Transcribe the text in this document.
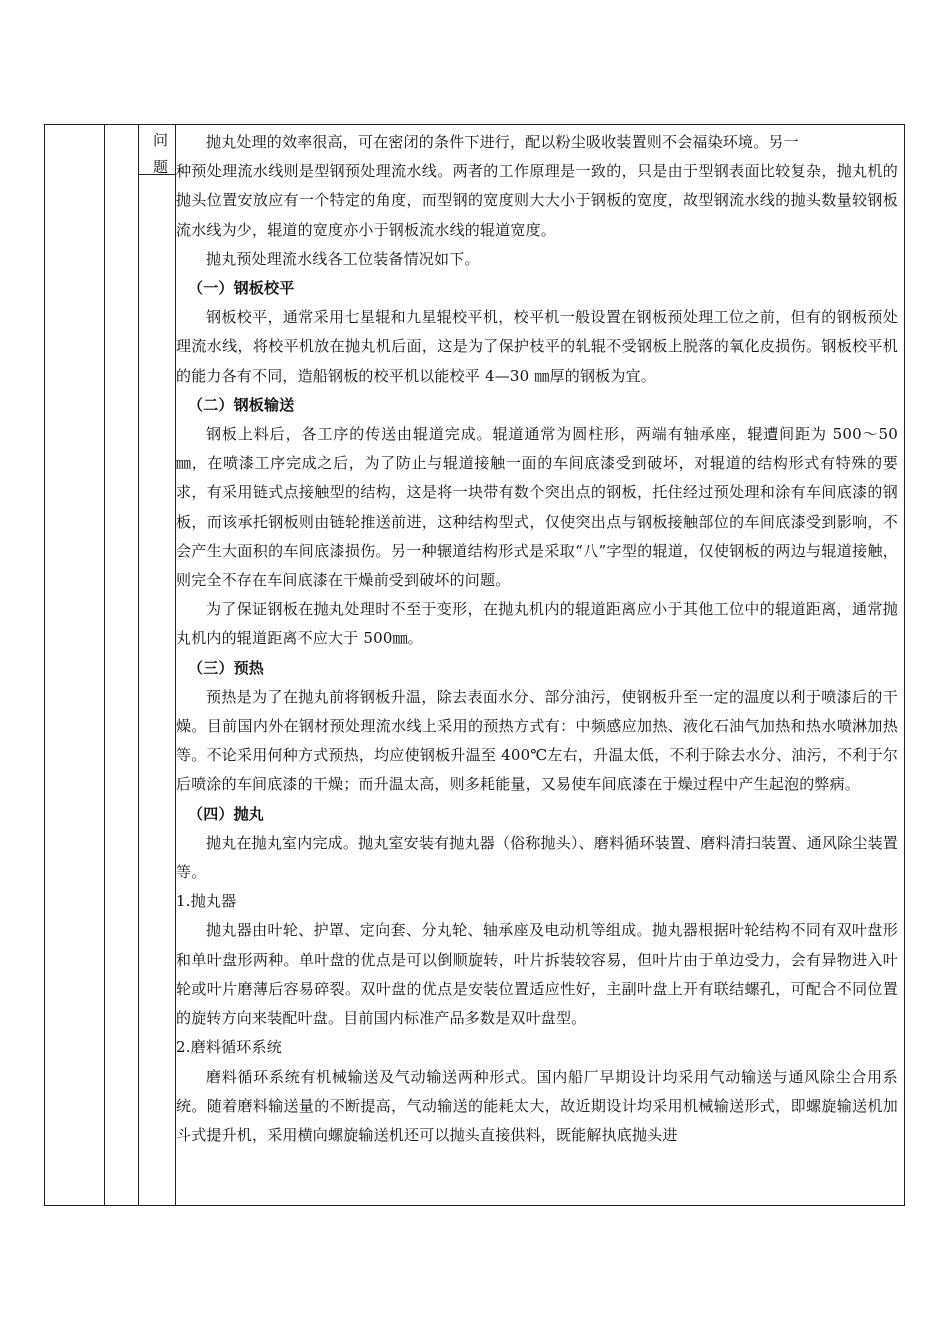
问题

抛丸处理的效率很高，可在密闭的条件下进行，配以粉尘吸收装置则不会福染环境。另一

种预处理流水线则是型钢预处理流水线。两者的工作原理是一致的，只是由于型钢表面比较复杂，抛丸机的抛头位置安放应有一个特定的角度，而型钢的宽度则大大小于钢板的宽度，故型钢流水线的抛头数量较钢板流水线为少，辊道的宽度亦小于钢板流水线的辊道宽度。

抛丸预处理流水线各工位装备情况如下。

（一）钢板校平

钢板校平，通常采用七星辊和九星辊校平机，校平机一般设置在钢板预处理工位之前，但有的钢板预处理流水线，将校平机放在抛丸机后面，这是为了保护枝平的轧辊不受钢板上脱落的氧化皮损伤。钢板校平机的能力各有不同，造船钢板的校平机以能校平 4—30 ㎜厚的钢板为宜。

（二）钢板输送

钢板上料后，各工序的传送由辊道完成。辊道通常为圆柱形，两端有轴承座，辊遭间距为 500～50 ㎜，在喷漆工序完成之后，为了防止与辊道接触一面的车间底漆受到破坏，对辊道的结构形式有特殊的要求，有采用链式点接触型的结构，这是将一块带有数个突出点的钢板，托住经过预处理和涂有车间底漆的钢板，而该承托钢板则由链轮推送前进，这种结构型式，仅使突出点与钢板接触部位的车间底漆受到影响，不会产生大面积的车间底漆损伤。另一种辗道结构形式是采取“八”字型的辊道，仅使钢板的两边与辊道接触，则完全不存在车间底漆在干燥前受到破坏的问题。

为了保证钢板在抛丸处理时不至于变形，在抛丸机内的辊道距离应小于其他工位中的辊道距离，通常抛丸机内的辊道距离不应大于 500㎜。

（三）预热

预热是为了在抛丸前将钢板升温，除去表面水分、部分油污，使钢板升至一定的温度以利于喷漆后的干燥。目前国内外在钢材预处理流水线上采用的预热方式有：中频感应加热、液化石油气加热和热水喷淋加热等。不论采用何种方式预热，均应使钢板升温至 400℃左右，升温太低，不利于除去水分、油污，不利于尔后喷涂的车间底漆的干燥；而升温太高，则多耗能量，又易使车间底漆在于燥过程中产生起泡的弊病。

（四）抛丸

抛丸在抛丸室内完成。抛丸室安装有抛丸器（俗称抛头）、磨料循环装置、磨料清扫装置、通风除尘装置等。

1.抛丸器

抛丸器由叶轮、护罩、定向套、分丸轮、轴承座及电动机等组成。抛丸器根据叶轮结构不同有双叶盘形和单叶盘形两种。单叶盘的优点是可以倒顺旋转，叶片拆装较容易，但叶片由于单边受力，会有异物进入叶轮或叶片磨薄后容易碎裂。双叶盘的优点是安装位置适应性好，主副叶盘上开有联结螺孔，可配合不同位置的旋转方向来装配叶盘。目前国内标准产品多数是双叶盘型。

2.磨料循环系统

磨料循环系统有机械输送及气动输送两种形式。国内船厂早期设计均采用气动输送与通风除尘合用系统。随着磨料输送量的不断提高，气动输送的能耗太大，故近期设计均采用机械输送形式，即螺旋输送机加斗式提升机，采用横向螺旋输送机还可以抛头直接供料，既能解执底抛头进
